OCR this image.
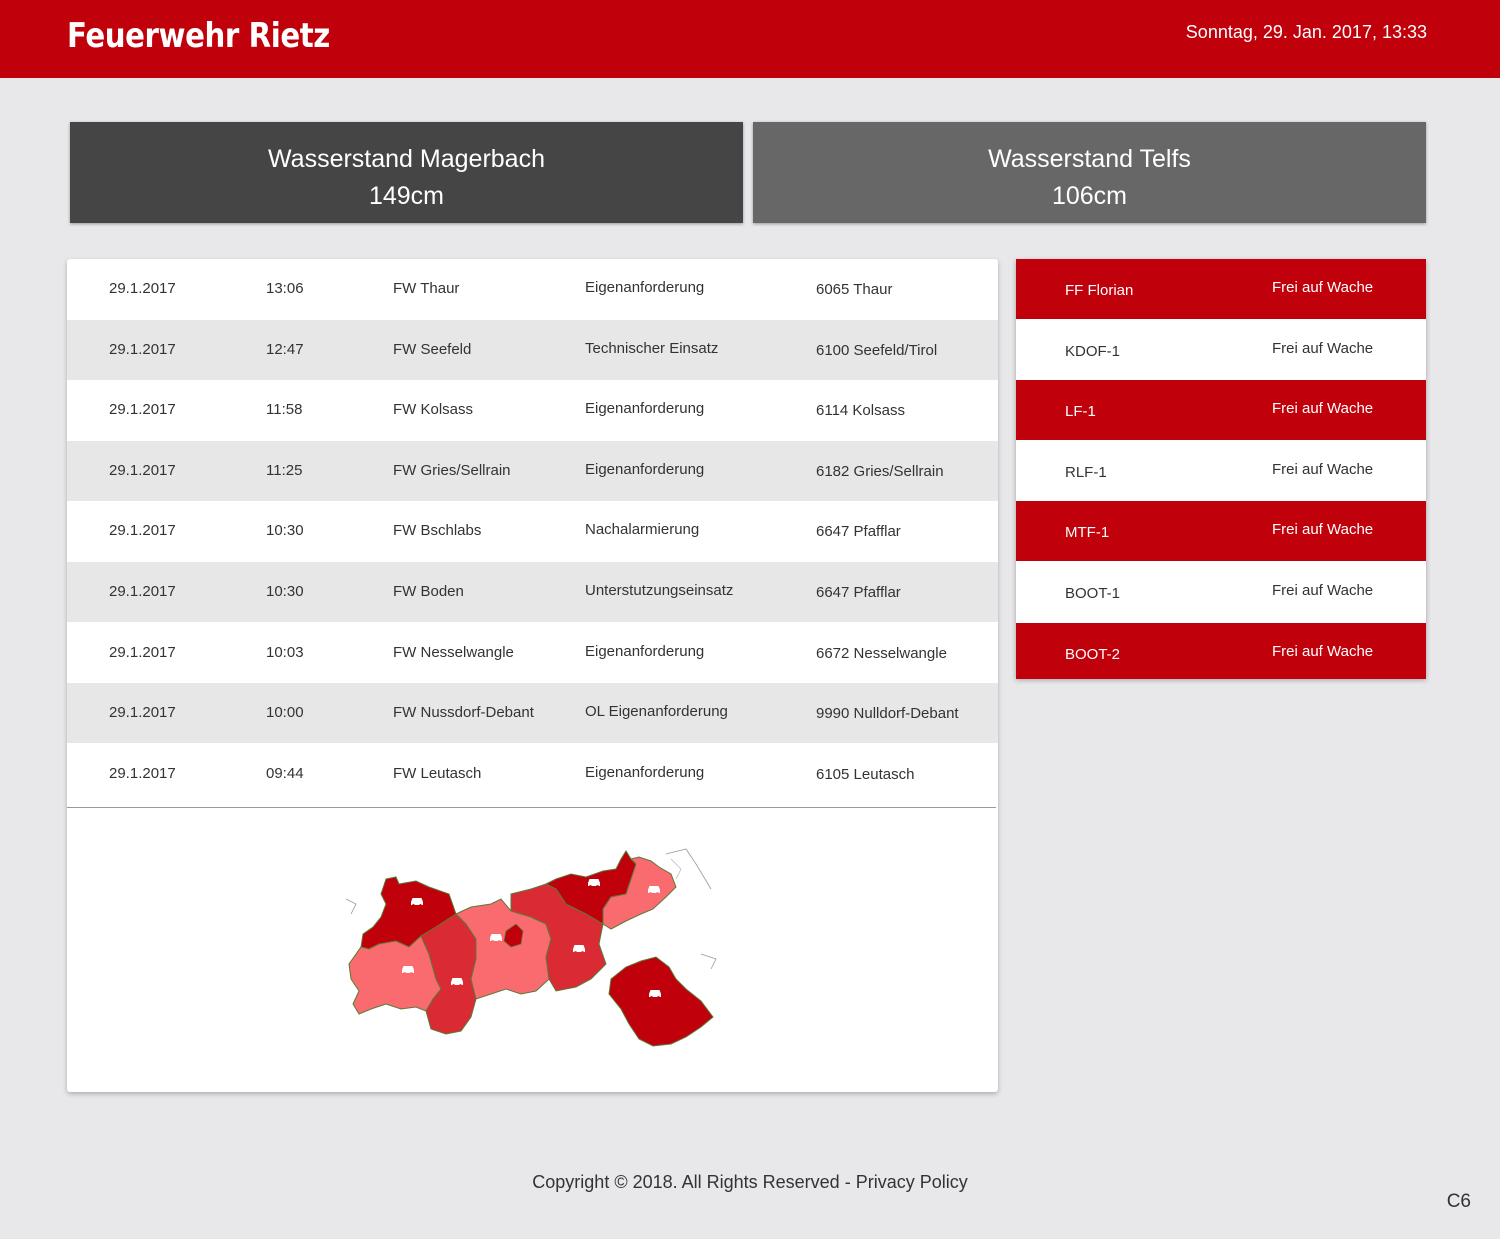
Feuerwehr Rietz	Sonntag, 29. Jan. 2017, 13:33
Wasserstand Magerbach
149cm
Wasserstand Telfs
106cm
29.1.2017	13:06	FW Thaur	Eigenanforderung	6065 Thaur
29.1.2017	12:47	FW Seefeld	Technischer Einsatz	6100 Seefeld/Tirol
29.1.2017	11:58	FW Kolsass	Eigenanforderung	6114 Kolsass
29.1.2017	11:25	FW Gries/Sellrain	Eigenanforderung	6182 Gries/Sellrain
29.1.2017	10:30	FW Bschlabs	Nachalarmierung	6647 Pfafflar
29.1.2017	10:30	FW Boden	Unterstutzungseinsatz	6647 Pfafflar
29.1.2017	10:03	FW Nesselwangle	Eigenanforderung	6672 Nesselwangle
29.1.2017	10:00	FW Nussdorf-Debant	OL Eigenanforderung	9990 Nulldorf-Debant
29.1.2017	09:44	FW Leutasch	Eigenanforderung	6105 Leutasch
FF Florian	Frei auf Wache
KDOF-1	Frei auf Wache
LF-1	Frei auf Wache
RLF-1	Frei auf Wache
MTF-1	Frei auf Wache
BOOT-1	Frei auf Wache
BOOT-2	Frei auf Wache
Copyright © 2018. All Rights Reserved - Privacy Policy
C6
